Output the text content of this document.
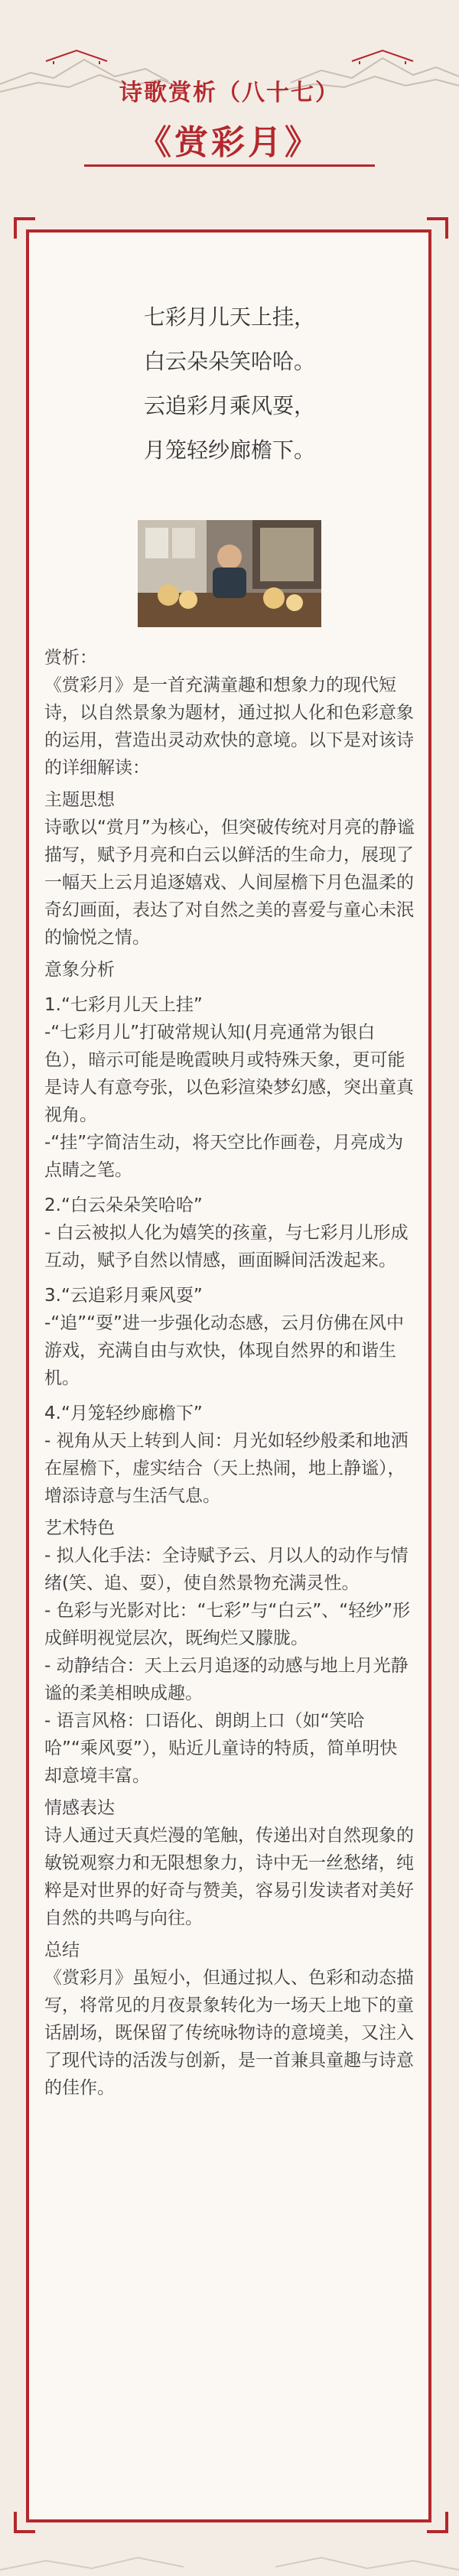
诗歌赏析（八十七）
《赏彩月》
七彩月儿天上挂，
白云朵朵笑哈哈。
云追彩月乘风耍，
月笼轻纱廊檐下。

赏析：

《赏彩月》是一首充满童趣和想象力的现代短诗，以自然景象为题材，通过拟人化和色彩意象的运用，营造出灵动欢快的意境。以下是对该诗的详细解读：

主题思想

诗歌以“赏月”为核心，但突破传统对月亮的静谧描写，赋予月亮和白云以鲜活的生命力，展现了一幅天上云月追逐嬉戏、人间屋檐下月色温柔的奇幻画面，表达了对自然之美的喜爱与童心未泯的愉悦之情。

意象分析

1.“七彩月儿天上挂”

-“七彩月儿”打破常规认知(月亮通常为银白色），暗示可能是晚霞映月或特殊天象，更可能是诗人有意夸张，以色彩渲染梦幻感，突出童真视角。

-“挂”字简洁生动，将天空比作画卷，月亮成为点睛之笔。

2.“白云朵朵笑哈哈”

- 白云被拟人化为嬉笑的孩童，与七彩月儿形成互动，赋予自然以情感，画面瞬间活泼起来。

3.“云追彩月乘风耍”

-“追”“耍”进一步强化动态感，云月仿佛在风中游戏，充满自由与欢快，体现自然界的和谐生机。

4.“月笼轻纱廊檐下”

- 视角从天上转到人间：月光如轻纱般柔和地洒在屋檐下，虚实结合（天上热闹，地上静谧），增添诗意与生活气息。

艺术特色

- 拟人化手法：全诗赋予云、月以人的动作与情绪(笑、追、耍），使自然景物充满灵性。

- 色彩与光影对比：“七彩”与“白云”、“轻纱”形成鲜明视觉层次，既绚烂又朦胧。

- 动静结合：天上云月追逐的动感与地上月光静谧的柔美相映成趣。

- 语言风格：口语化、朗朗上口（如“笑哈哈”“乘风耍”），贴近儿童诗的特质，简单明快却意境丰富。

情感表达

诗人通过天真烂漫的笔触，传递出对自然现象的敏锐观察力和无限想象力，诗中无一丝愁绪，纯粹是对世界的好奇与赞美，容易引发读者对美好自然的共鸣与向往。

总结

《赏彩月》虽短小，但通过拟人、色彩和动态描写，将常见的月夜景象转化为一场天上地下的童话剧场，既保留了传统咏物诗的意境美，又注入了现代诗的活泼与创新，是一首兼具童趣与诗意的佳作。
